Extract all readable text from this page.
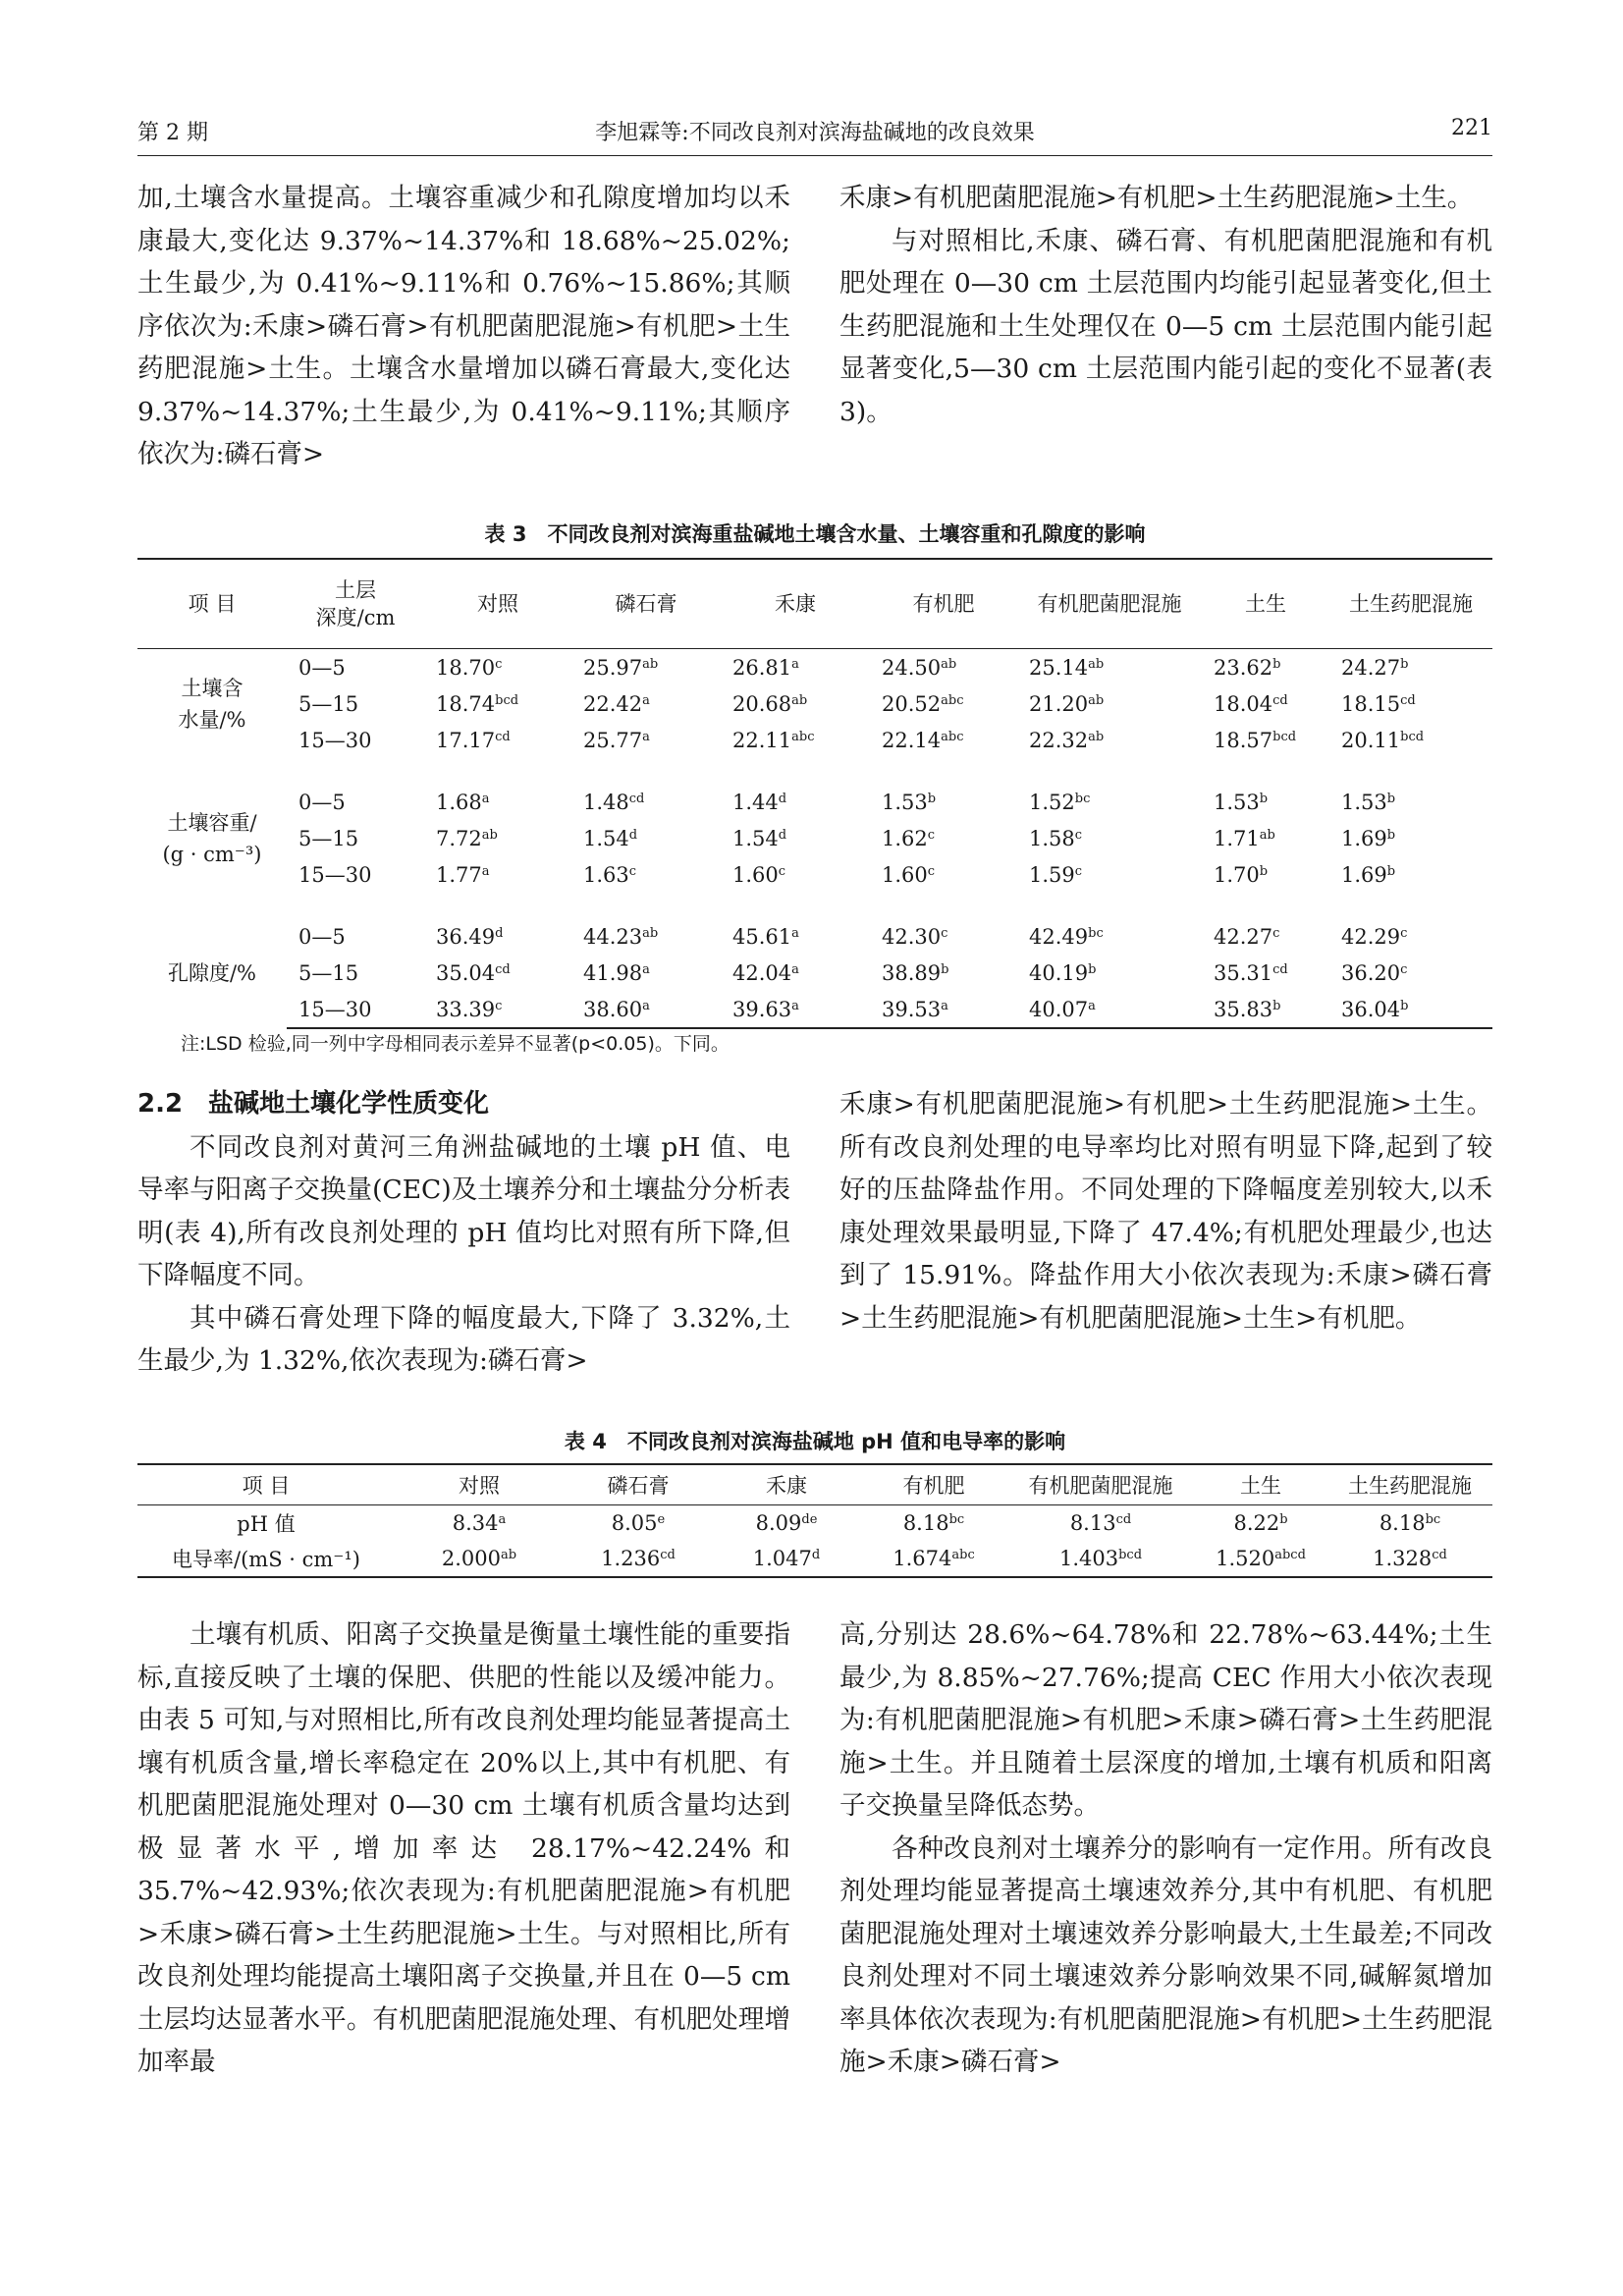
第 2 期	李旭霖等:不同改良剂对滨海盐碱地的改良效果	221

加,土壤含水量提高。土壤容重减少和孔隙度增加均以禾康最大,变化达 9.37%~14.37%和 18.68%~25.02%;土生最少,为 0.41%~9.11%和 0.76%~15.86%;其顺序依次为:禾康>磷石膏>有机肥菌肥混施>有机肥>土生药肥混施>土生。土壤含水量增加以磷石膏最大,变化达 9.37%~14.37%;土生最少,为 0.41%~9.11%;其顺序依次为:磷石膏>

禾康>有机肥菌肥混施>有机肥>土生药肥混施>土生。

与对照相比,禾康、磷石膏、有机肥菌肥混施和有机肥处理在 0—30 cm 土层范围内均能引起显著变化,但土生药肥混施和土生处理仅在 0—5 cm 土层范围内能引起显著变化,5—30 cm 土层范围内能引起的变化不显著(表 3)。

表 3　不同改良剂对滨海重盐碱地土壤含水量、土壤容重和孔隙度的影响
项 目	土层
深度/cm	对照	磷石膏	禾康	有机肥	有机肥菌肥混施	土生	土生药肥混施
土壤含
水量/%	0—5	18.70$^c$	25.97$^{ab}$	26.81$^a$	24.50$^{ab}$	25.14$^{ab}$	23.62$^b$	24.27$^b$
	5—15	18.74$^{bcd}$	22.42$^a$	20.68$^{ab}$	20.52$^{abc}$	21.20$^{ab}$	18.04$^{cd}$	18.15$^{cd}$
	15—30	17.17$^{cd}$	25.77$^a$	22.11$^{abc}$	22.14$^{abc}$	22.32$^{ab}$	18.57$^{bcd}$	20.11$^{bcd}$

土壤容重/
(g · cm⁻³)	0—5	1.68$^a$	1.48$^{cd}$	1.44$^d$	1.53$^b$	1.52$^{bc}$	1.53$^b$	1.53$^b$
	5—15	7.72$^{ab}$	1.54$^d$	1.54$^d$	1.62$^c$	1.58$^c$	1.71$^{ab}$	1.69$^b$
	15—30	1.77$^a$	1.63$^c$	1.60$^c$	1.60$^c$	1.59$^c$	1.70$^b$	1.69$^b$

孔隙度/%	0—5	36.49$^d$	44.23$^{ab}$	45.61$^a$	42.30$^c$	42.49$^{bc}$	42.27$^c$	42.29$^c$
	5—15	35.04$^{cd}$	41.98$^a$	42.04$^a$	38.89$^b$	40.19$^b$	35.31$^{cd}$	36.20$^c$
	15—30	33.39$^c$	38.60$^a$	39.63$^a$	39.53$^a$	40.07$^a$	35.83$^b$	36.04$^b$
注:LSD 检验,同一列中字母相同表示差异不显著(p<0.05)。下同。

2.2　盐碱地土壤化学性质变化

不同改良剂对黄河三角洲盐碱地的土壤 pH 值、电导率与阳离子交换量(CEC)及土壤养分和土壤盐分分析表明(表 4),所有改良剂处理的 pH 值均比对照有所下降,但下降幅度不同。

其中磷石膏处理下降的幅度最大,下降了 3.32%,土生最少,为 1.32%,依次表现为:磷石膏>

禾康>有机肥菌肥混施>有机肥>土生药肥混施>土生。所有改良剂处理的电导率均比对照有明显下降,起到了较好的压盐降盐作用。不同处理的下降幅度差别较大,以禾康处理效果最明显,下降了 47.4%;有机肥处理最少,也达到了 15.91%。降盐作用大小依次表现为:禾康>磷石膏>土生药肥混施>有机肥菌肥混施>土生>有机肥。

表 4　不同改良剂对滨海盐碱地 pH 值和电导率的影响
项 目	对照	磷石膏	禾康	有机肥	有机肥菌肥混施	土生	土生药肥混施
pH 值	8.34$^a$	8.05e	8.09de	8.18$^{bc}$	8.13$^{cd}$	8.22$^b$	8.18$^{bc}$
电导率/(mS · cm⁻¹)	2.000$^{ab}$	1.236$^{cd}$	1.047$^d$	1.674$^{abc}$	1.403$^{bcd}$	$1.520^{abcd}$	1.328$^{cd}$

土壤有机质、阳离子交换量是衡量土壤性能的重要指标,直接反映了土壤的保肥、供肥的性能以及缓冲能力。由表 5 可知,与对照相比,所有改良剂处理均能显著提高土壤有机质含量,增长率稳定在 20%以上,其中有机肥、有机肥菌肥混施处理对 0—30 cm 土壤有机质含量均达到极显著水平,增加率达 28.17%~42.24%和 35.7%~42.93%;依次表现为:有机肥菌肥混施>有机肥>禾康>磷石膏>土生药肥混施>土生。与对照相比,所有改良剂处理均能提高土壤阳离子交换量,并且在 0—5 cm 土层均达显著水平。有机肥菌肥混施处理、有机肥处理增加率最

高,分别达 28.6%~64.78%和 22.78%~63.44%;土生最少,为 8.85%~27.76%;提高 CEC 作用大小依次表现为:有机肥菌肥混施>有机肥>禾康>磷石膏>土生药肥混施>土生。并且随着土层深度的增加,土壤有机质和阳离子交换量呈降低态势。

各种改良剂对土壤养分的影响有一定作用。所有改良剂处理均能显著提高土壤速效养分,其中有机肥、有机肥菌肥混施处理对土壤速效养分影响最大,土生最差;不同改良剂处理对不同土壤速效养分影响效果不同,碱解氮增加率具体依次表现为:有机肥菌肥混施>有机肥>土生药肥混施>禾康>磷石膏>
